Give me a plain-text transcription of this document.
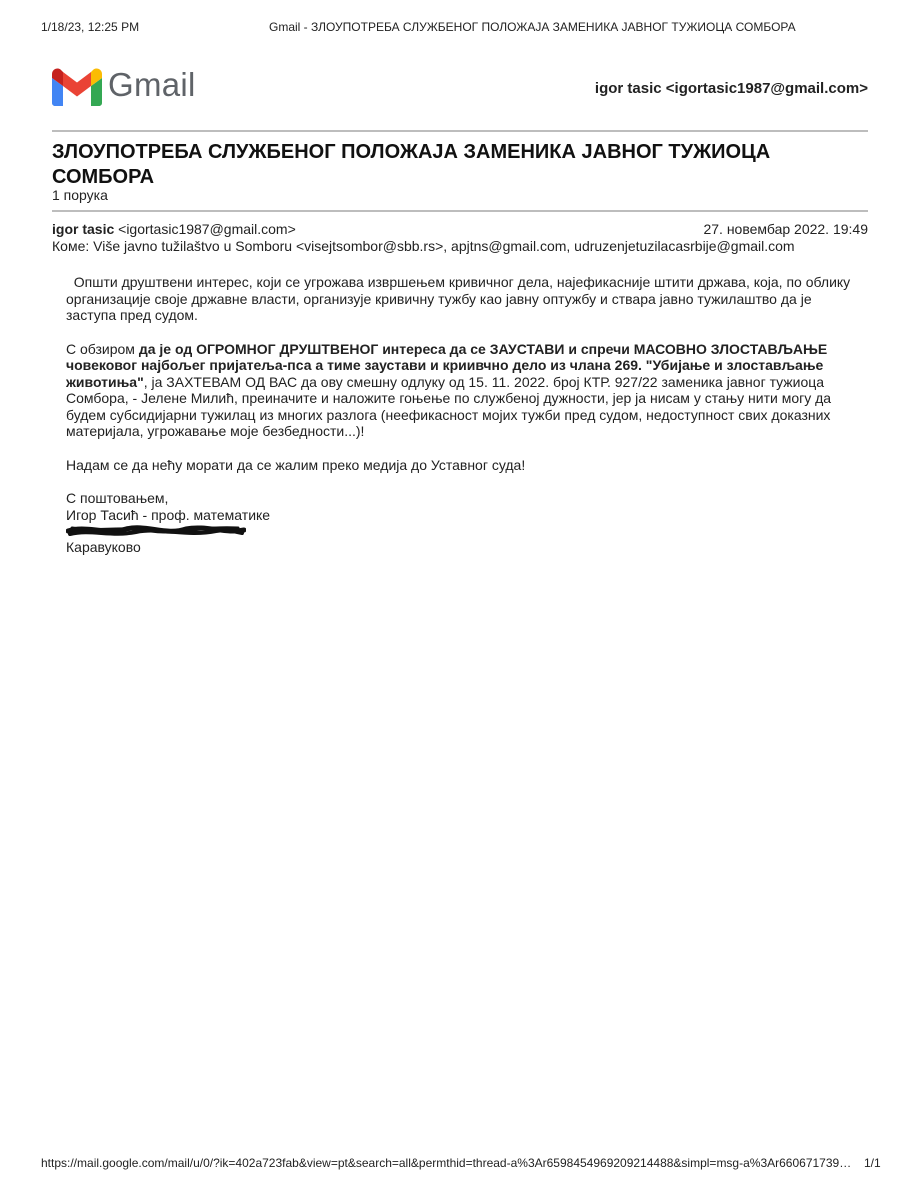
1/18/23, 12:25 PM	Gmail - ЗЛОУПОТРЕБА СЛУЖБЕНОГ ПОЛОЖАЈА ЗАМЕНИКА ЈАВНОГ ТУЖИОЦА СОМБОРА
Gmail	igor tasic <igortasic1987@gmail.com>
ЗЛОУПОТРЕБА СЛУЖБЕНОГ ПОЛОЖАЈА ЗАМЕНИКА ЈАВНОГ ТУЖИОЦА СОМБОРА
1 порука
igor tasic <igortasic1987@gmail.com>	27. новембар 2022. 19:49
Коме: Više javno tužilaštvo u Somboru <visejtsombor@sbb.rs>, apjtns@gmail.com, udruzenjetuzilacasrbije@gmail.com

Општи друштвени интерес, који се угрожава извршењем кривичног дела, најефикасније штити држава, која, по облику организације своје државне власти, организује кривичну тужбу као јавну оптужбу и ствара јавно тужилаштво да је заступа пред судом.

С обзиром да је од ОГРОМНОГ ДРУШТВЕНОГ интереса да се ЗАУСТАВИ и спречи МАСОВНО ЗЛОСТАВЉАЊЕ човековог најбољег пријатеља-пса а тиме заустави и криивчно дело из члана 269. "Убијање и злостављање животиња", ја ЗАХТЕВАМ ОД ВАС да ову смешну одлуку од 15. 11. 2022. број КТР. 927/22 заменика јавног тужиоца Сомбора, - Јелене Милић, преиначите и наложите гоњење по службеној дужности, јер ја нисам у стању нити могу да будем субсидијарни тужилац из многих разлога (неефикасност мојих тужби пред судом, недоступност свих доказних материјала, угрожавање моје безбедности...)!

Надам се да нећу морати да се жалим преко медија до Уставног суда!

С поштовањем,
Игор Тасић - проф. математике
Каравуково
https://mail.google.com/mail/u/0/?ik=402a723fab&view=pt&search=all&permthid=thread-a%3Ar6598454969209214488&simpl=msg-a%3Ar660671739… 1/1
